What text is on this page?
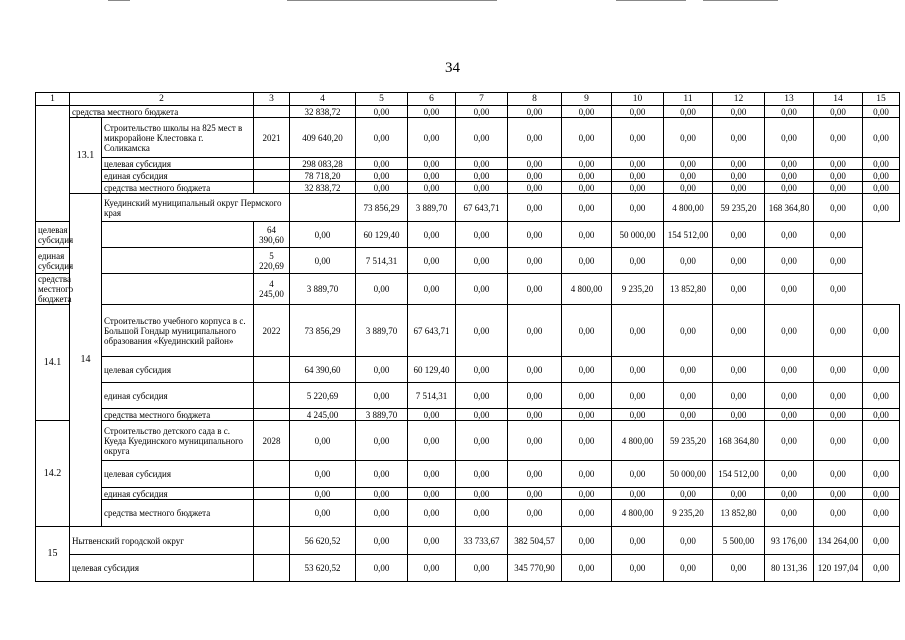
34
1	2		3	4	5	6	7	8	9	10	11	12	13	14	15	
	средства местного бюджета			32 838,72	0,00	0,00	0,00	0,00	0,00	0,00	0,00	0,00	0,00	0,00	0,00	
	13.1	Строительство школы на 825 мест в микрорайоне Клестовка г. Соликамска	2021	409 640,20	0,00	0,00	0,00	0,00	0,00	0,00	0,00	0,00	0,00	0,00	0,00	
		целевая субсидия		298 083,28	0,00	0,00	0,00	0,00	0,00	0,00	0,00	0,00	0,00	0,00	0,00	
		единая субсидия		78 718,20	0,00	0,00	0,00	0,00	0,00	0,00	0,00	0,00	0,00	0,00	0,00	
		средства местного бюджета		32 838,72	0,00	0,00	0,00	0,00	0,00	0,00	0,00	0,00	0,00	0,00	0,00	
	14	Куединский муниципальный округ Пермского края			73 856,29	3 889,70	67 643,71	0,00	0,00	0,00	4 800,00	59 235,20	168 364,80	0,00	0,00	
целевая субсидия			64 390,60	0,00	60 129,40	0,00	0,00	0,00	0,00	50 000,00	154 512,00	0,00	0,00	0,00		
единая субсидия			5 220,69	0,00	7 514,31	0,00	0,00	0,00	0,00	0,00	0,00	0,00	0,00	0,00		
средства местного бюджета			4 245,00	3 889,70	0,00	0,00	0,00	0,00	4 800,00	9 235,20	13 852,80	0,00	0,00	0,00		
14.1		Строительство учебного корпуса в с. Большой Гондыр муниципального образования «Куединский район»	2022	73 856,29	3 889,70	67 643,71	0,00	0,00	0,00	0,00	0,00	0,00	0,00	0,00	0,00	
		целевая субсидия		64 390,60	0,00	60 129,40	0,00	0,00	0,00	0,00	0,00	0,00	0,00	0,00	0,00	
		единая субсидия		5 220,69	0,00	7 514,31	0,00	0,00	0,00	0,00	0,00	0,00	0,00	0,00	0,00	
		средства местного бюджета		4 245,00	3 889,70	0,00	0,00	0,00	0,00	0,00	0,00	0,00	0,00	0,00	0,00	
14.2		Строительство детского сада в с. Куеда Куединского муниципального округа	2028	0,00	0,00	0,00	0,00	0,00	0,00	4 800,00	59 235,20	168 364,80	0,00	0,00	0,00	
		целевая субсидия		0,00	0,00	0,00	0,00	0,00	0,00	0,00	50 000,00	154 512,00	0,00	0,00	0,00	
		единая субсидия		0,00	0,00	0,00	0,00	0,00	0,00	0,00	0,00	0,00	0,00	0,00	0,00	
		средства местного бюджета		0,00	0,00	0,00	0,00	0,00	0,00	4 800,00	9 235,20	13 852,80	0,00	0,00	0,00	
15	Нытвенский городской округ			56 620,52	0,00	0,00	33 733,67	382 504,57	0,00	0,00	0,00	5 500,00	93 176,00	134 264,00	0,00	
	целевая субсидия			53 620,52	0,00	0,00	0,00	345 770,90	0,00	0,00	0,00	0,00	80 131,36	120 197,04	0,00	
